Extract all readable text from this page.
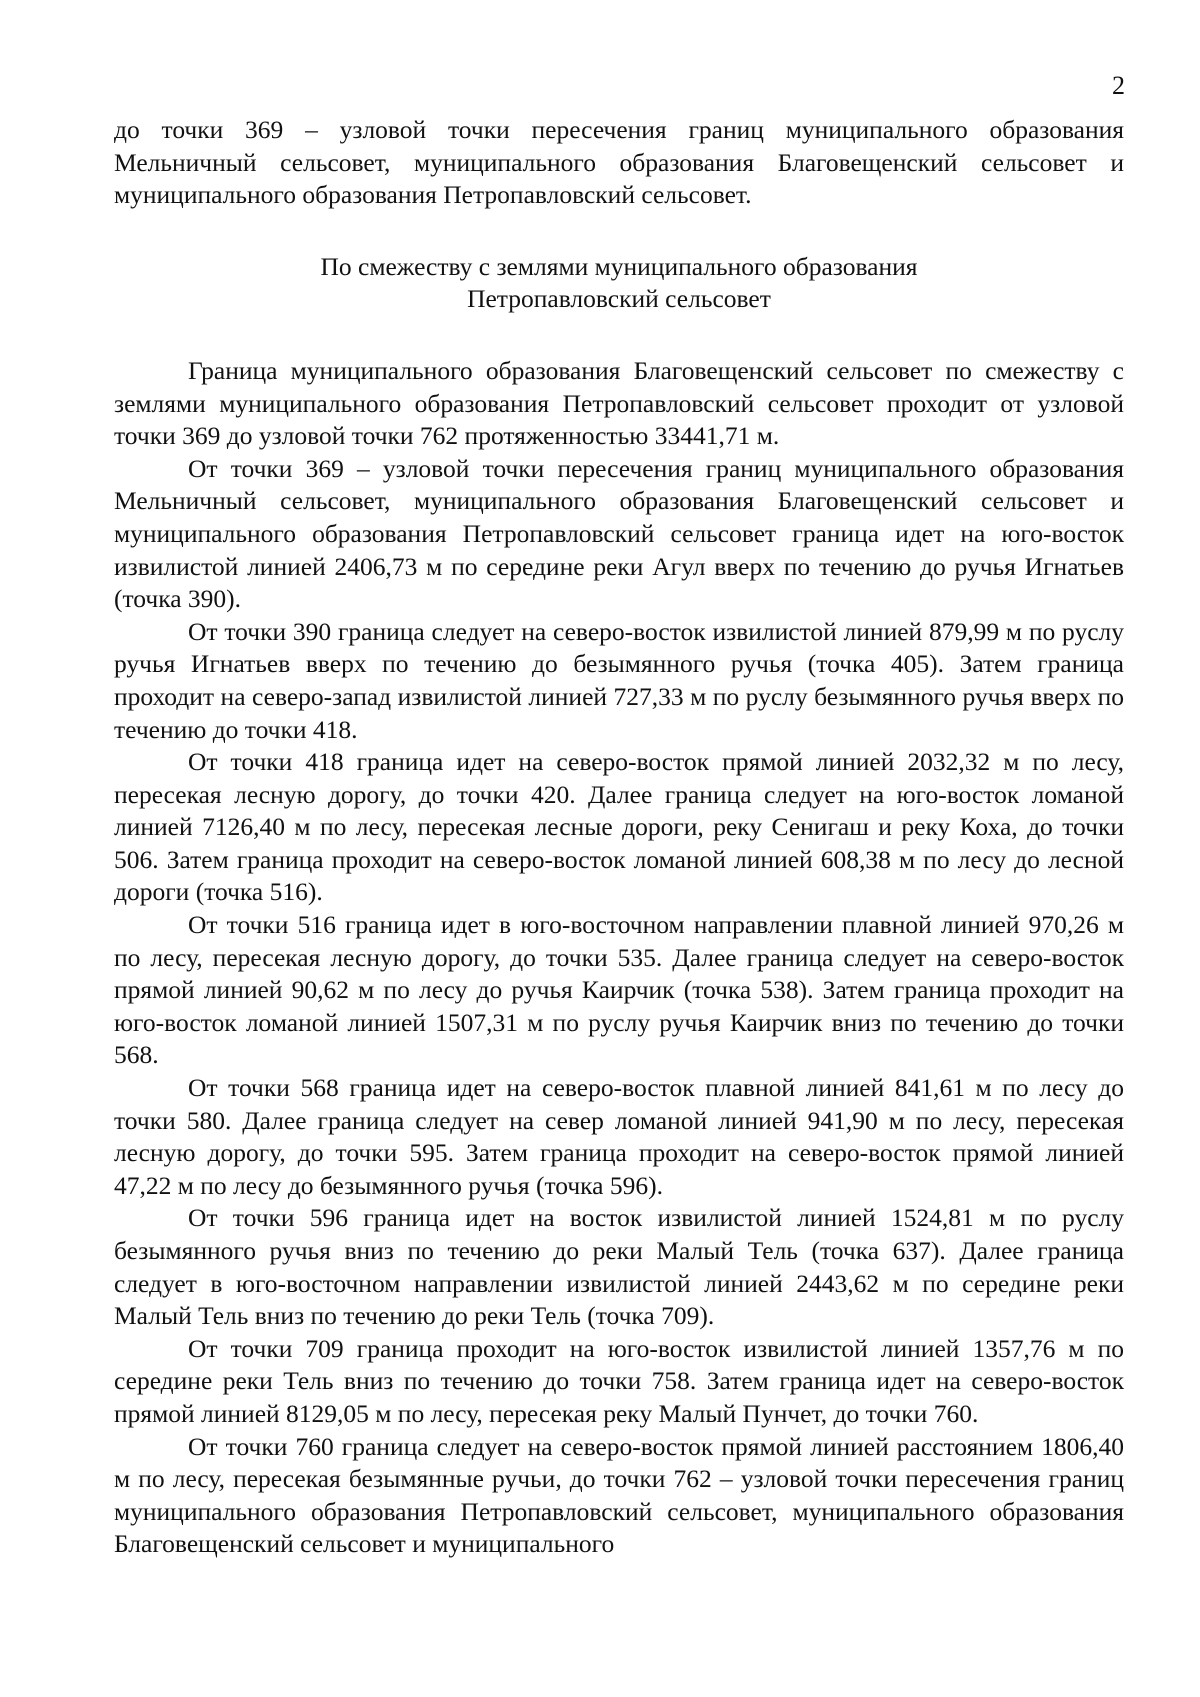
2

до точки 369 – узловой точки пересечения границ муниципального образования Мельничный сельсовет, муниципального образования Благовещенский сельсовет и муниципального образования Петропавловский сельсовет.

По смежеству с землями муниципального образования
Петропавловский сельсовет

Граница муниципального образования Благовещенский сельсовет по смежеству с землями муниципального образования Петропавловский сельсовет проходит от узловой точки 369 до узловой точки 762 протяженностью 33441,71 м.

От точки 369 – узловой точки пересечения границ муниципального образования Мельничный сельсовет, муниципального образования Благовещенский сельсовет и муниципального образования Петропавловский сельсовет граница идет на юго-восток извилистой линией 2406,73 м по середине реки Агул вверх по течению до ручья Игнатьев (точка 390).

От точки 390 граница следует на северо-восток извилистой линией 879,99 м по руслу ручья Игнатьев вверх по течению до безымянного ручья (точка 405). Затем граница проходит на северо-запад извилистой линией 727,33 м по руслу безымянного ручья вверх по течению до точки 418.

От точки 418 граница идет на северо-восток прямой линией 2032,32 м по лесу, пересекая лесную дорогу, до точки 420. Далее граница следует на юго-восток ломаной линией 7126,40 м по лесу, пересекая лесные дороги, реку Сенигаш и реку Коха, до точки 506. Затем граница проходит на северо-восток ломаной линией 608,38 м по лесу до лесной дороги (точка 516).

От точки 516 граница идет в юго-восточном направлении плавной линией 970,26 м по лесу, пересекая лесную дорогу, до точки 535. Далее граница следует на северо-восток прямой линией 90,62 м по лесу до ручья Каирчик (точка 538). Затем граница проходит на юго-восток ломаной линией 1507,31 м по руслу ручья Каирчик вниз по течению до точки 568.

От точки 568 граница идет на северо-восток плавной линией 841,61 м по лесу до точки 580. Далее граница следует на север ломаной линией 941,90 м по лесу, пересекая лесную дорогу, до точки 595. Затем граница проходит на северо-восток прямой линией 47,22 м по лесу до безымянного ручья (точка 596).

От точки 596 граница идет на восток извилистой линией 1524,81 м по руслу безымянного ручья вниз по течению до реки Малый Тель (точка 637). Далее граница следует в юго-восточном направлении извилистой линией 2443,62 м по середине реки Малый Тель вниз по течению до реки Тель (точка 709).

От точки 709 граница проходит на юго-восток извилистой линией 1357,76 м по середине реки Тель вниз по течению до точки 758. Затем граница идет на северо-восток прямой линией 8129,05 м по лесу, пересекая реку Малый Пунчет, до точки 760.

От точки 760 граница следует на северо-восток прямой линией расстоянием 1806,40 м по лесу, пересекая безымянные ручьи, до точки 762 – узловой точки пересечения границ муниципального образования Петропавловский сельсовет, муниципального образования Благовещенский сельсовет и муниципального
